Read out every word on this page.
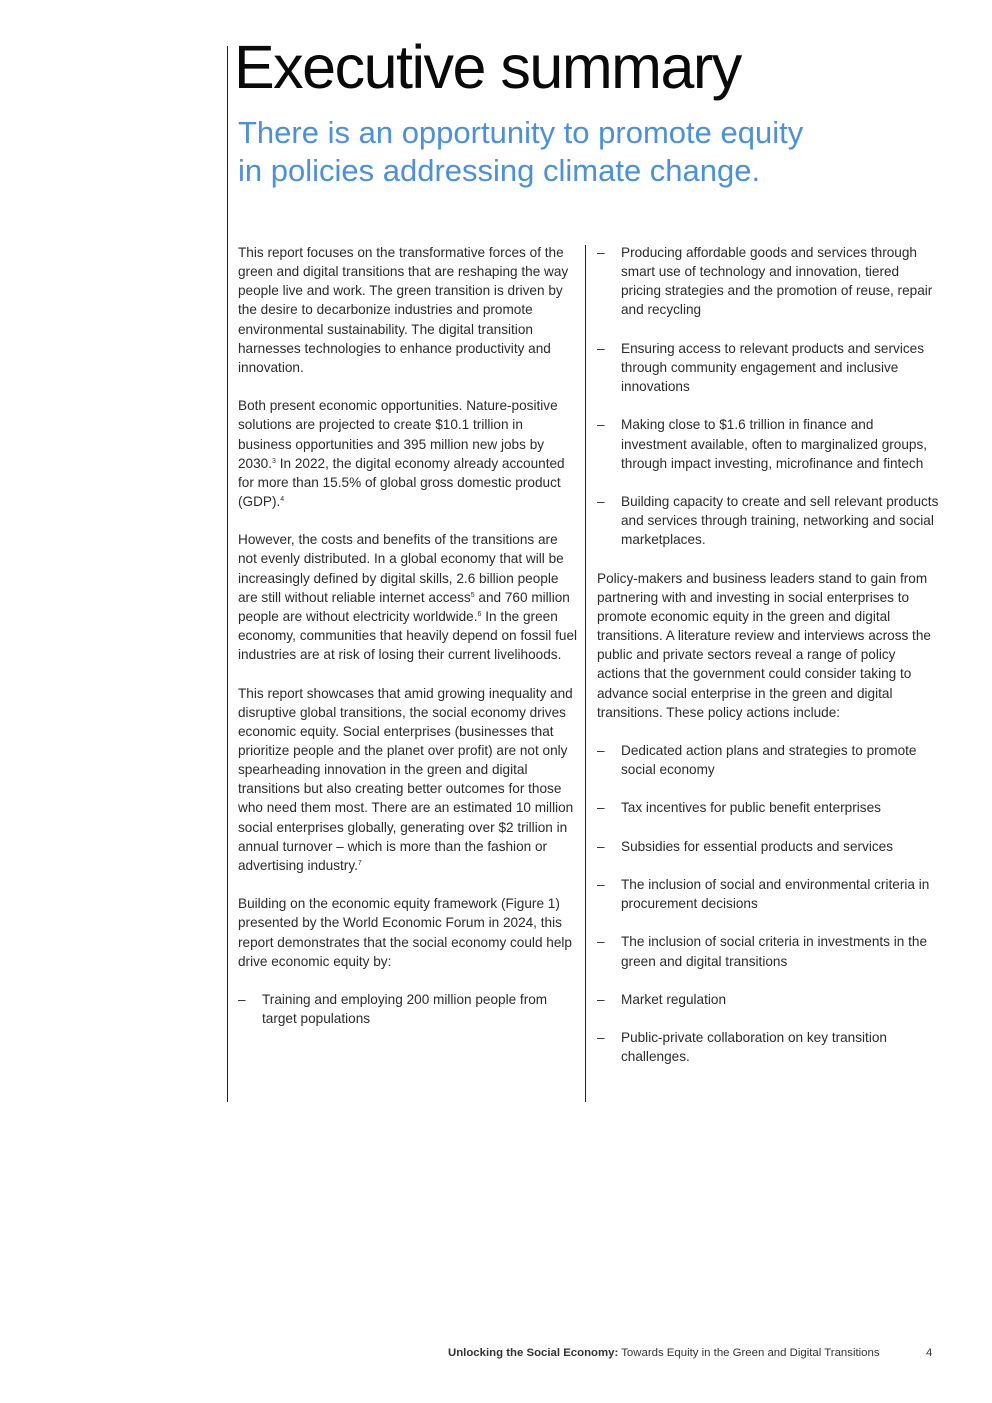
Executive summary
There is an opportunity to promote equity
in policies addressing climate change.

This report focuses on the transformative forces of the green and digital transitions that are reshaping the way people live and work. The green transition is driven by the desire to decarbonize industries and promote environmental sustainability. The digital transition harnesses technologies to enhance productivity and innovation.

Both present economic opportunities. Nature-positive solutions are projected to create $10.1 trillion in business opportunities and 395 million new jobs by 2030.$^3$ In 2022, the digital economy already accounted for more than 15.5% of global gross domestic product (GDP).$^4$

However, the costs and benefits of the transitions are not evenly distributed. In a global economy that will be increasingly defined by digital skills, 2.6 billion people are still without reliable internet access$^5$ and 760 million people are without electricity worldwide.$^6$ In the green economy, communities that heavily depend on fossil fuel industries are at risk of losing their current livelihoods.

This report showcases that amid growing inequality and disruptive global transitions, the social economy drives economic equity. Social enterprises (businesses that prioritize people and the planet over profit) are not only spearheading innovation in the green and digital transitions but also creating better outcomes for those who need them most. There are an estimated 10 million social enterprises globally, generating over $2 trillion in annual turnover – which is more than the fashion or advertising industry.$^7$

Building on the economic equity framework (Figure 1) presented by the World Economic Forum in 2024, this report demonstrates that the social economy could help drive economic equity by:

– Training and employing 200 million people from target populations
– Producing affordable goods and services through smart use of technology and innovation, tiered pricing strategies and the promotion of reuse, repair and recycling
– Ensuring access to relevant products and services through community engagement and inclusive innovations
– Making close to $1.6 trillion in finance and investment available, often to marginalized groups, through impact investing, microfinance and fintech
– Building capacity to create and sell relevant products and services through training, networking and social marketplaces.

Policy-makers and business leaders stand to gain from partnering with and investing in social enterprises to promote economic equity in the green and digital transitions. A literature review and interviews across the public and private sectors reveal a range of policy actions that the government could consider taking to advance social enterprise in the green and digital transitions. These policy actions include:

– Dedicated action plans and strategies to promote social economy
– Tax incentives for public benefit enterprises
– Subsidies for essential products and services
– The inclusion of social and environmental criteria in procurement decisions
– The inclusion of social criteria in investments in the green and digital transitions
– Market regulation
– Public-private collaboration on key transition challenges.
Unlocking the Social Economy: Towards Equity in the Green and Digital Transitions	4
